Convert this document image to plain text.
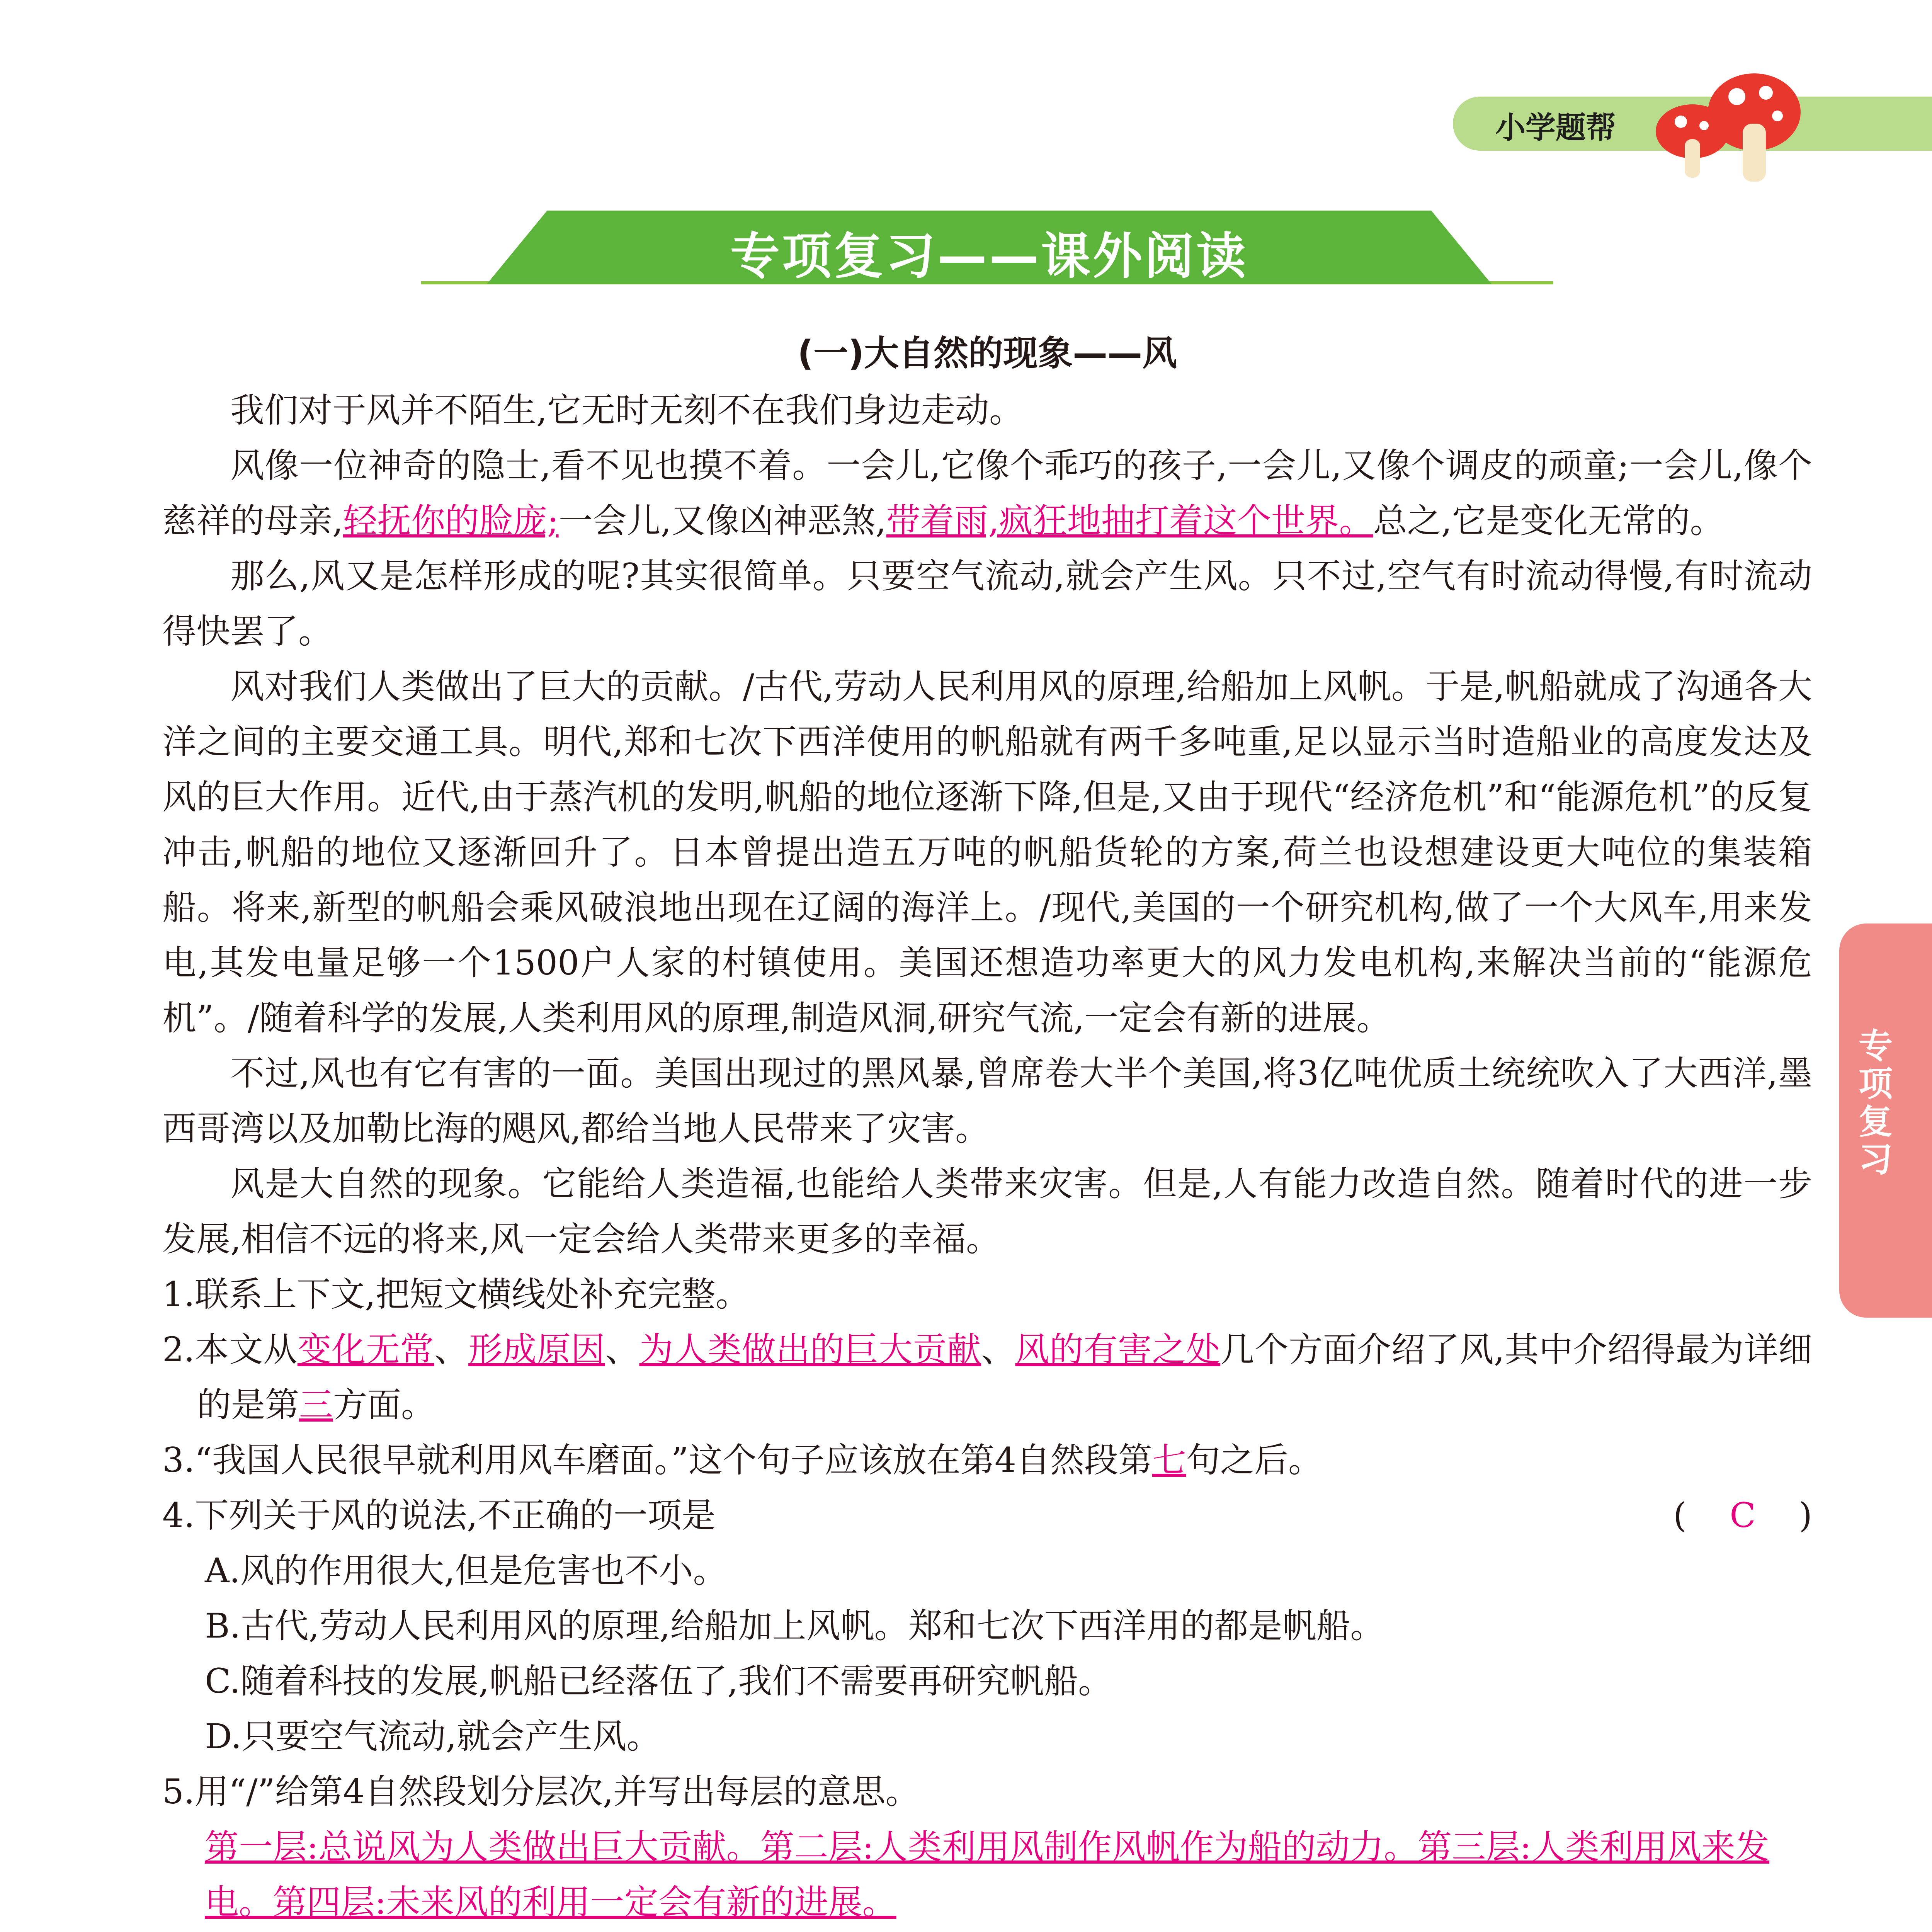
小学题帮
专项复习——课外阅读
专项复习
(一)大自然的现象——风

我们对于风并不陌生,它无时无刻不在我们身边走动。

风像一位神奇的隐士,看不见也摸不着。一会儿,它像个乖巧的孩子,一会儿,又像个调皮的顽童;一会儿,像个慈祥的母亲,轻抚你的脸庞;一会儿,又像凶神恶煞,带着雨,疯狂地抽打着这个世界。总之,它是变化无常的。

那么,风又是怎样形成的呢?其实很简单。只要空气流动,就会产生风。只不过,空气有时流动得慢,有时流动得快罢了。

风对我们人类做出了巨大的贡献。/古代,劳动人民利用风的原理,给船加上风帆。于是,帆船就成了沟通各大洋之间的主要交通工具。明代,郑和七次下西洋使用的帆船就有两千多吨重,足以显示当时造船业的高度发达及风的巨大作用。近代,由于蒸汽机的发明,帆船的地位逐渐下降,但是,又由于现代“经济危机”和“能源危机”的反复冲击,帆船的地位又逐渐回升了。日本曾提出造五万吨的帆船货轮的方案,荷兰也设想建设更大吨位的集装箱船。将来,新型的帆船会乘风破浪地出现在辽阔的海洋上。/现代,美国的一个研究机构,做了一个大风车,用来发电,其发电量足够一个1500户人家的村镇使用。美国还想造功率更大的风力发电机构,来解决当前的“能源危机”。/随着科学的发展,人类利用风的原理,制造风洞,研究气流,一定会有新的进展。

不过,风也有它有害的一面。美国出现过的黑风暴,曾席卷大半个美国,将3亿吨优质土统统吹入了大西洋,墨西哥湾以及加勒比海的飓风,都给当地人民带来了灾害。

风是大自然的现象。它能给人类造福,也能给人类带来灾害。但是,人有能力改造自然。随着时代的进一步发展,相信不远的将来,风一定会给人类带来更多的幸福。

1.联系上下文,把短文横线处补充完整。

2.本文从变化无常、形成原因、为人类做出的巨大贡献、风的有害之处几个方面介绍了风,其中介绍得最为详细的是第三方面。

3.“我国人民很早就利用风车磨面。”这个句子应该放在第4自然段第七句之后。

4.下列关于风的说法,不正确的一项是	( C )

A.风的作用很大,但是危害也不小。

B.古代,劳动人民利用风的原理,给船加上风帆。郑和七次下西洋用的都是帆船。

C.随着科技的发展,帆船已经落伍了,我们不需要再研究帆船。

D.只要空气流动,就会产生风。

5.用“/”给第4自然段划分层次,并写出每层的意思。

第一层:总说风为人类做出巨大贡献。第二层:人类利用风制作风帆作为船的动力。第三层:人类利用风来发电。第四层:未来风的利用一定会有新的进展。
